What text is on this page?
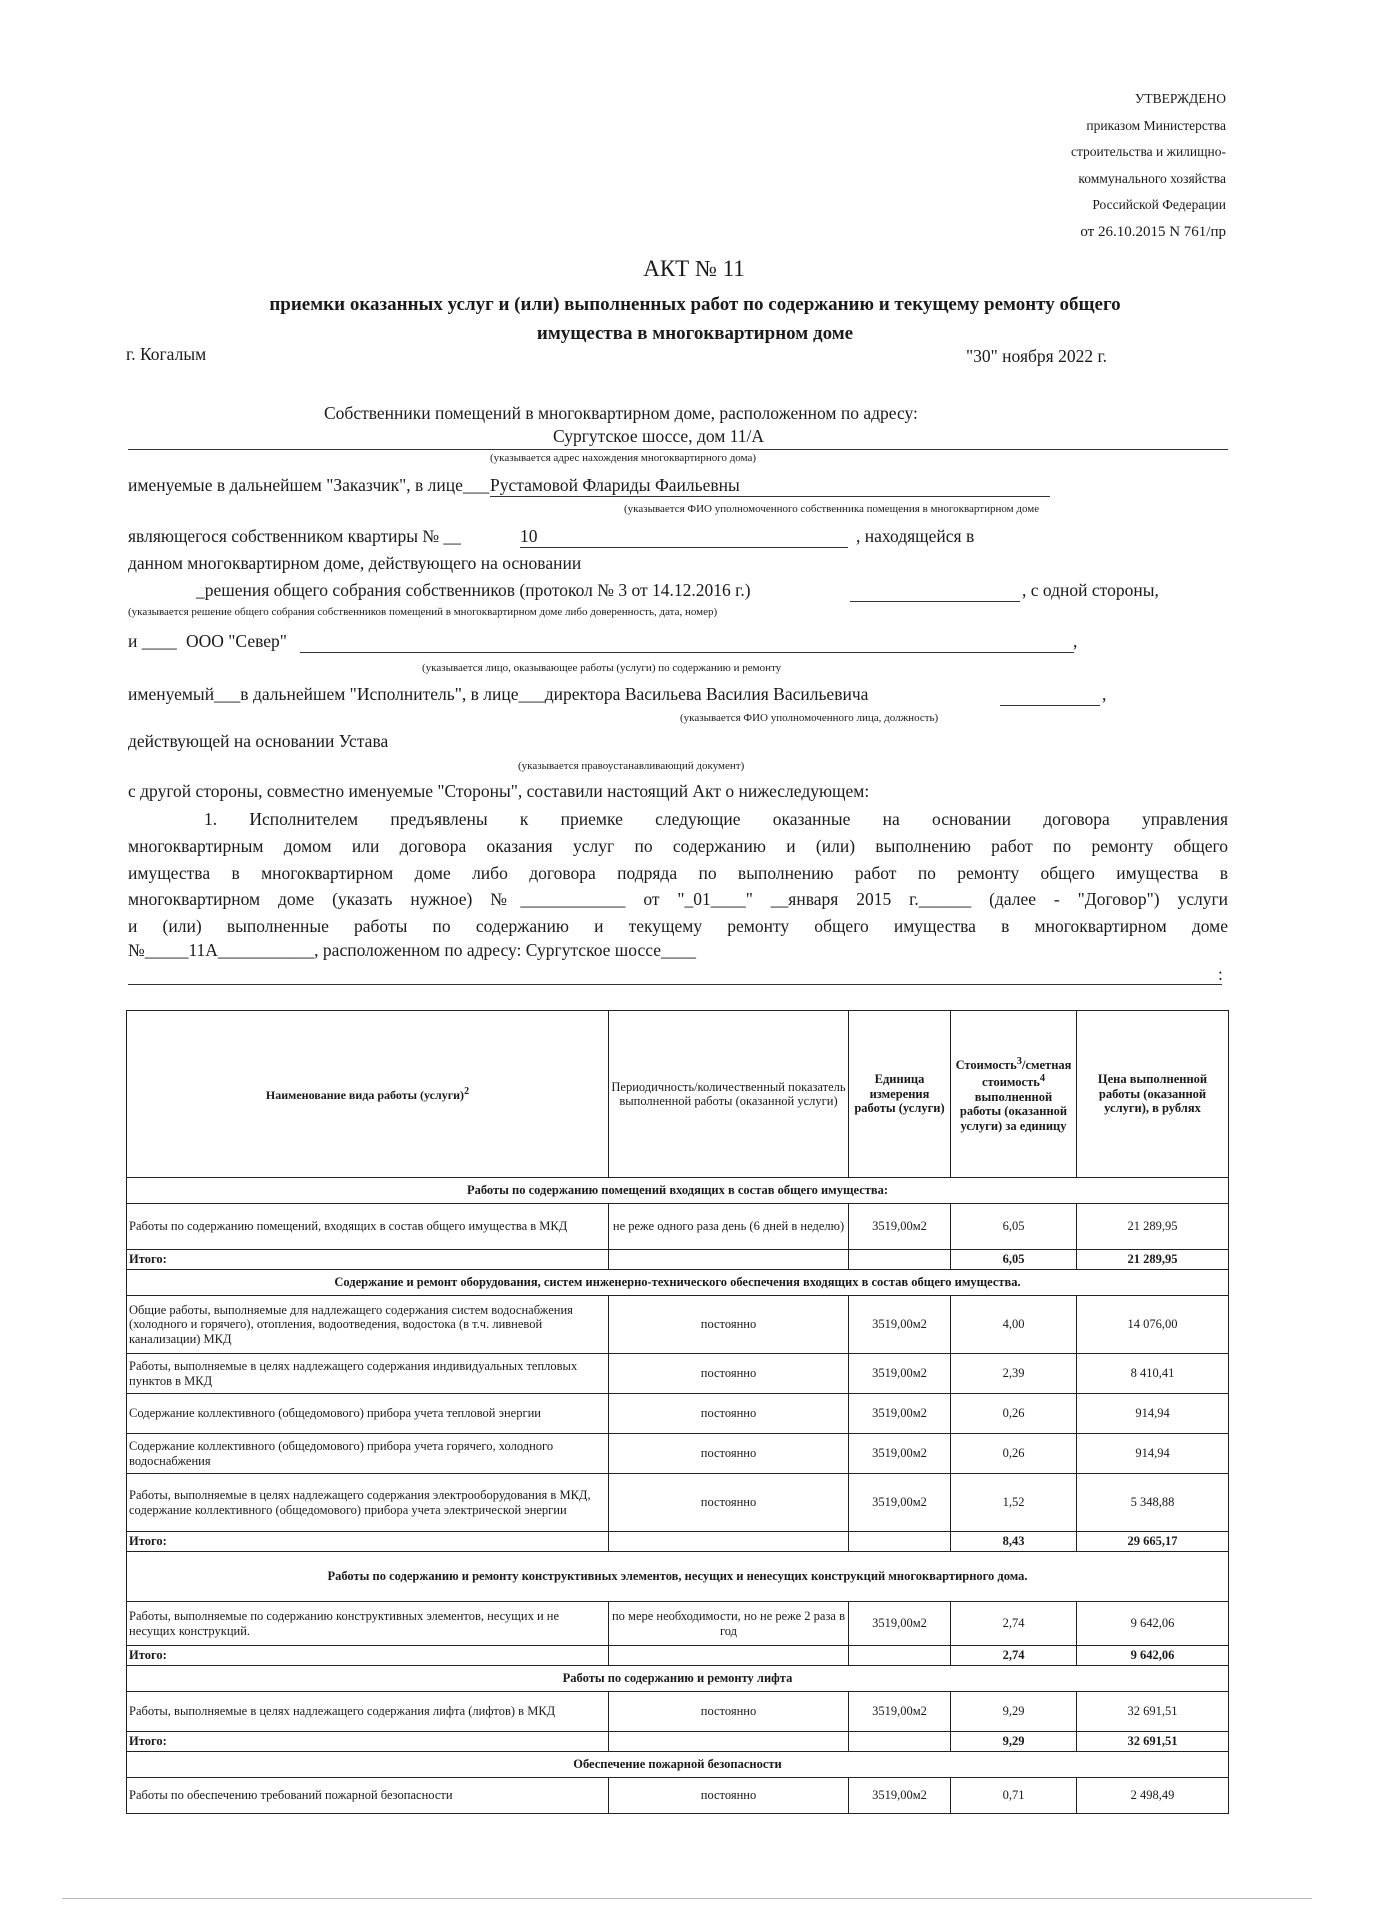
УТВЕРЖДЕНО
приказом Министерства
строительства и жилищно-
коммунального хозяйства
Российской Федерации
от 26.10.2015 N 761/пр
АКТ № 11
приемки оказанных услуг и (или) выполненных работ по содержанию и текущему ремонту общего
имущества в многоквартирном доме
г. Когалым	"30" ноября 2022 г.
Собственники помещений в многоквартирном доме, расположенном по адресу:
Сургутское шоссе, дом 11/А
(указывается адрес нахождения многоквартирного дома)
именуемые в дальнейшем "Заказчик", в лице___ Рустамовой Флариды Фаильевны
(указывается ФИО уполномоченного собственника помещения в многоквартирном доме
являющегося собственником квартиры № __	10	, находящейся в
данном многоквартирном доме, действующего на основании
_решения общего собрания собственников (протокол № 3 от 14.12.2016 г.)	, с одной стороны,
(указывается решение общего собрания собственников помещений в многоквартирном доме либо доверенность, дата, номер)
и ____ ООО "Север"	,
(указывается лицо, оказывающее работы (услуги) по содержанию и ремонту
именуемый___в дальнейшем "Исполнитель", в лице___директора Васильева Василия Васильевича	,
(указывается ФИО уполномоченного лица, должность)
действующей на основании Устава
(указывается правоустанавливающий документ)
с другой стороны, совместно именуемые "Стороны", составили настоящий Акт о нижеследующем:
1. Исполнителем предъявлены к приемке следующие оказанные на основании договора управления
многоквартирным домом или договора оказания услуг по содержанию и (или) выполнению работ по ремонту общего
имущества в многоквартирном доме либо договора подряда по выполнению работ по ремонту общего имущества в
многоквартирном доме (указать нужное) №____________ от "_01____" __января 2015 г.______ (далее - "Договор") услуги
и (или) выполненные работы по содержанию и текущему ремонту общего имущества в многоквартирном доме
№_____11А___________, расположенном по адресу: Сургутское шоссе____
:
Наименование вида работы (услуги)$^2$	Периодичность/количественный показатель выполненной работы (оказанной услуги)	Единица измерения работы (услуги)	Стоимость$^3$/сметная стоимость$^4$ выполненной работы (оказанной услуги) за единицу	Цена выполненной работы (оказанной услуги), в рублях
Работы по содержанию помещений входящих в состав общего имущества:				
Работы по содержанию помещений, входящих в состав общего имущества в МКД	не реже одного раза день (6 дней в неделю)	3519,00м2	6,05	21 289,95
Итого:			6,05	21 289,95
Содержание и ремонт оборудования, систем инженерно-технического обеспечения входящих в состав общего имущества.				
Общие работы, выполняемые для надлежащего содержания систем водоснабжения (холодного и горячего), отопления, водоотведения, водостока (в т.ч. ливневой канализации) МКД	постоянно	3519,00м2	4,00	14 076,00
Работы, выполняемые в целях надлежащего содержания индивидуальных тепловых пунктов в МКД	постоянно	3519,00м2	2,39	8 410,41
Содержание коллективного (общедомового) прибора учета тепловой энергии	постоянно	3519,00м2	0,26	914,94
Содержание коллективного (общедомового) прибора учета горячего, холодного водоснабжения	постоянно	3519,00м2	0,26	914,94
Работы, выполняемые в целях надлежащего содержания электрооборудования в МКД, содержание коллективного (общедомового) прибора учета электрической энергии	постоянно	3519,00м2	1,52	5 348,88
Итого:			8,43	29 665,17
Работы по содержанию и ремонту конструктивных элементов, несущих и ненесущих конструкций многоквартирного дома.				
Работы, выполняемые по содержанию конструктивных элементов, несущих и не несущих конструкций.	по мере необходимости, но не реже 2 раза в год	3519,00м2	2,74	9 642,06
Итого:			2,74	9 642,06
Работы по содержанию и ремонту лифта				
Работы, выполняемые в целях надлежащего содержания лифта (лифтов) в МКД	постоянно	3519,00м2	9,29	32 691,51
Итого:			9,29	32 691,51
Обеспечение пожарной безопасности				
Работы по обеспечению требований пожарной безопасности	постоянно	3519,00м2	0,71	2 498,49
